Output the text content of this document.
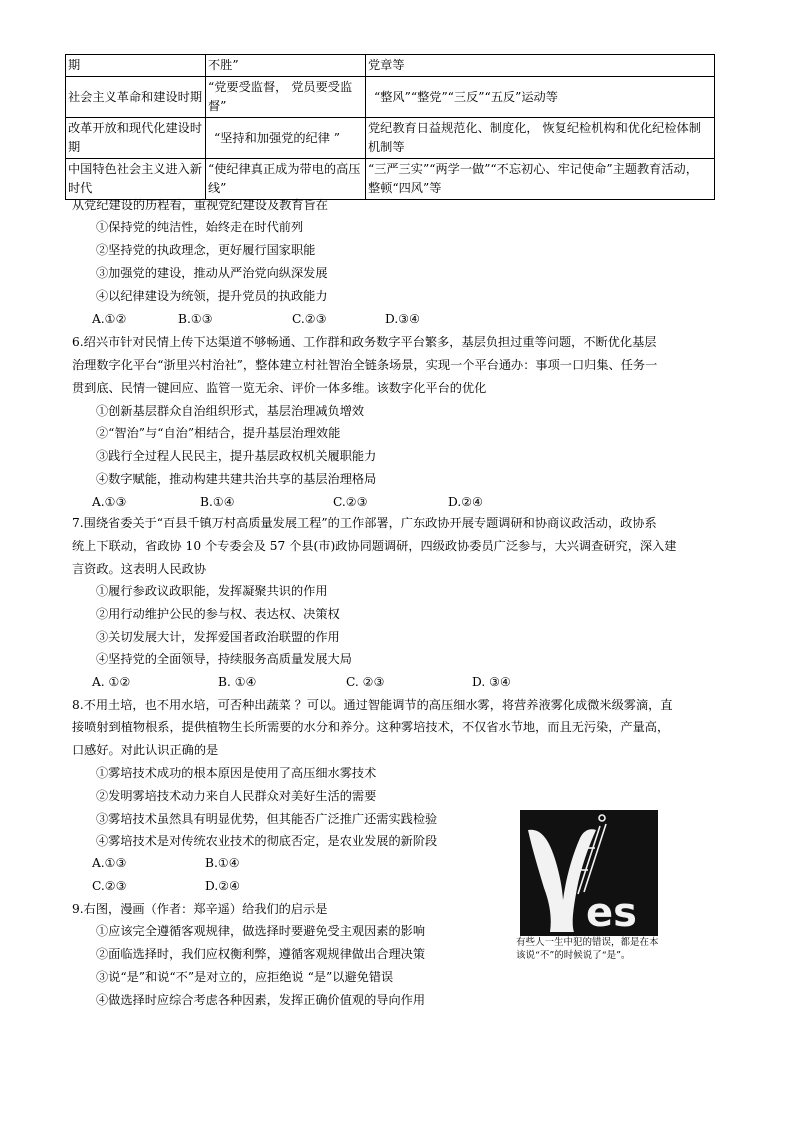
期	不胜”	党章等
社会主义革命和建设时期	“党要受监督， 党员要受监督”	“整风”“整党”“三反”“五反”运动等
改革开放和现代化建设时期	“坚持和加强党的纪律 ”	党纪教育日益规范化、制度化， 恢复纪检机构和优化纪检体制机制等
中国特色社会主义进入新时代	“使纪律真正成为带电的高压线”	“三严三实”“两学一做”“不忘初心、牢记使命”主题教育活动， 整顿“四风”等
从党纪建设的历程看，重视党纪建设及教育旨在
①保持党的纯洁性，始终走在时代前列
②坚持党的执政理念，更好履行国家职能
③加强党的建设，推动从严治党向纵深发展
④以纪律建设为统领，提升党员的执政能力
A.①②	B.①③	C.②③	D.③④
6.绍兴市针对民情上传下达渠道不够畅通、工作群和政务数字平台繁多，基层负担过重等问题，不断优化基层
治理数字化平台“浙里兴村治社”，整体建立村社智治全链条场景，实现一个平台通办：事项一口归集、任务一
贯到底、民情一键回应、监管一览无余、评价一体多维。该数字化平台的优化
①创新基层群众自治组织形式，基层治理减负增效
②“智治”与“自治”相结合，提升基层治理效能
③践行全过程人民民主，提升基层政权机关履职能力
④数字赋能，推动构建共建共治共享的基层治理格局
A.①③	B.①④	C.②③	D.②④
7.围绕省委关于“百县千镇万村高质量发展工程”的工作部署，广东政协开展专题调研和协商议政活动，政协系
统上下联动，省政协 10 个专委会及 57 个县(市)政协同题调研，四级政协委员广泛参与，大兴调查研究，深入建
言资政。这表明人民政协
①履行参政议政职能，发挥凝聚共识的作用
②用行动维护公民的参与权、表达权、决策权
③关切发展大计，发挥爱国者政治联盟的作用
④坚持党的全面领导，持续服务高质量发展大局
A. ①②	B. ①④	C. ②③	D. ③④
8.不用土培，也不用水培，可否种出蔬菜 ？可以。通过智能调节的高压细水雾，将营养液雾化成微米级雾滴，直
接喷射到植物根系，提供植物生长所需要的水分和养分。这种雾培技术，不仅省水节地，而且无污染，产量高，
口感好。对此认识正确的是
①雾培技术成功的根本原因是使用了高压细水雾技术
②发明雾培技术动力来自人民群众对美好生活的需要
③雾培技术虽然具有明显优势，但其能否广泛推广还需实践检验
④雾培技术是对传统农业技术的彻底否定，是农业发展的新阶段
A.①③	B.①④
C.②③	D.②④
9.右图，漫画（作者：郑辛遥）给我们的启示是
①应该完全遵循客观规律，做选择时要避免受主观因素的影响
②面临选择时，我们应权衡利弊，遵循客观规律做出合理决策
③说“是”和说“不”是对立的，应拒绝说 “是”以避免错误
④做选择时应综合考虑各种因素，发挥正确价值观的导向作用
es
有些人一生中犯的错误，都是在本该说“不”的时候说了“是”。
